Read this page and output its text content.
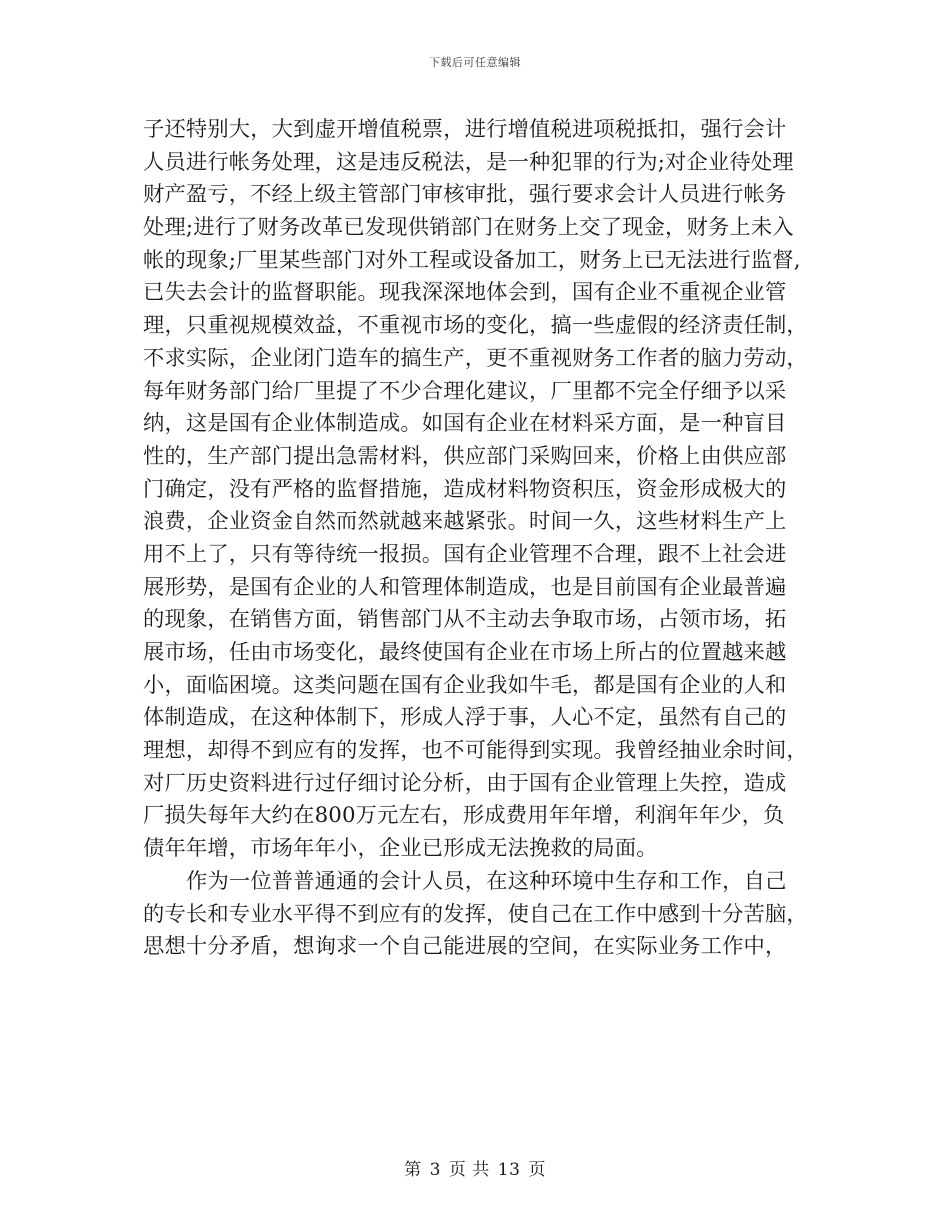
下载后可任意编辑

子还特别大，大到虚开增值税票，进行增值税进项税抵扣，强行会计
人员进行帐务处理，这是违反税法，是一种犯罪的行为;对企业待处理
财产盈亏，不经上级主管部门审核审批，强行要求会计人员进行帐务
处理;进行了财务改革已发现供销部门在财务上交了现金，财务上未入
帐的现象;厂里某些部门对外工程或设备加工，财务上已无法进行监督,
已失去会计的监督职能。现我深深地体会到，国有企业不重视企业管
理，只重视规模效益，不重视市场的变化，搞一些虚假的经济责任制，
不求实际，企业闭门造车的搞生产，更不重视财务工作者的脑力劳动，
每年财务部门给厂里提了不少合理化建议，厂里都不完全仔细予以采
纳，这是国有企业体制造成。如国有企业在材料采方面，是一种盲目
性的，生产部门提出急需材料，供应部门采购回来，价格上由供应部
门确定，没有严格的监督措施，造成材料物资积压，资金形成极大的
浪费，企业资金自然而然就越来越紧张。时间一久，这些材料生产上
用不上了，只有等待统一报损。国有企业管理不合理，跟不上社会进
展形势，是国有企业的人和管理体制造成，也是目前国有企业最普遍
的现象，在销售方面，销售部门从不主动去争取市场，占领市场，拓
展市场，任由市场变化，最终使国有企业在市场上所占的位置越来越
小，面临困境。这类问题在国有企业我如牛毛，都是国有企业的人和
体制造成，在这种体制下，形成人浮于事，人心不定，虽然有自己的
理想，却得不到应有的发挥，也不可能得到实现。我曾经抽业余时间，
对厂历史资料进行过仔细讨论分析，由于国有企业管理上失控，造成
厂损失每年大约在800万元左右，形成费用年年增，利润年年少，负
债年年增，市场年年小，企业已形成无法挽救的局面。

作为一位普普通通的会计人员，在这种环境中生存和工作，自己
的专长和专业水平得不到应有的发挥，使自己在工作中感到十分苦脑，
思想十分矛盾，想询求一个自己能进展的空间，在实际业务工作中，

第 3 页 共 13 页
